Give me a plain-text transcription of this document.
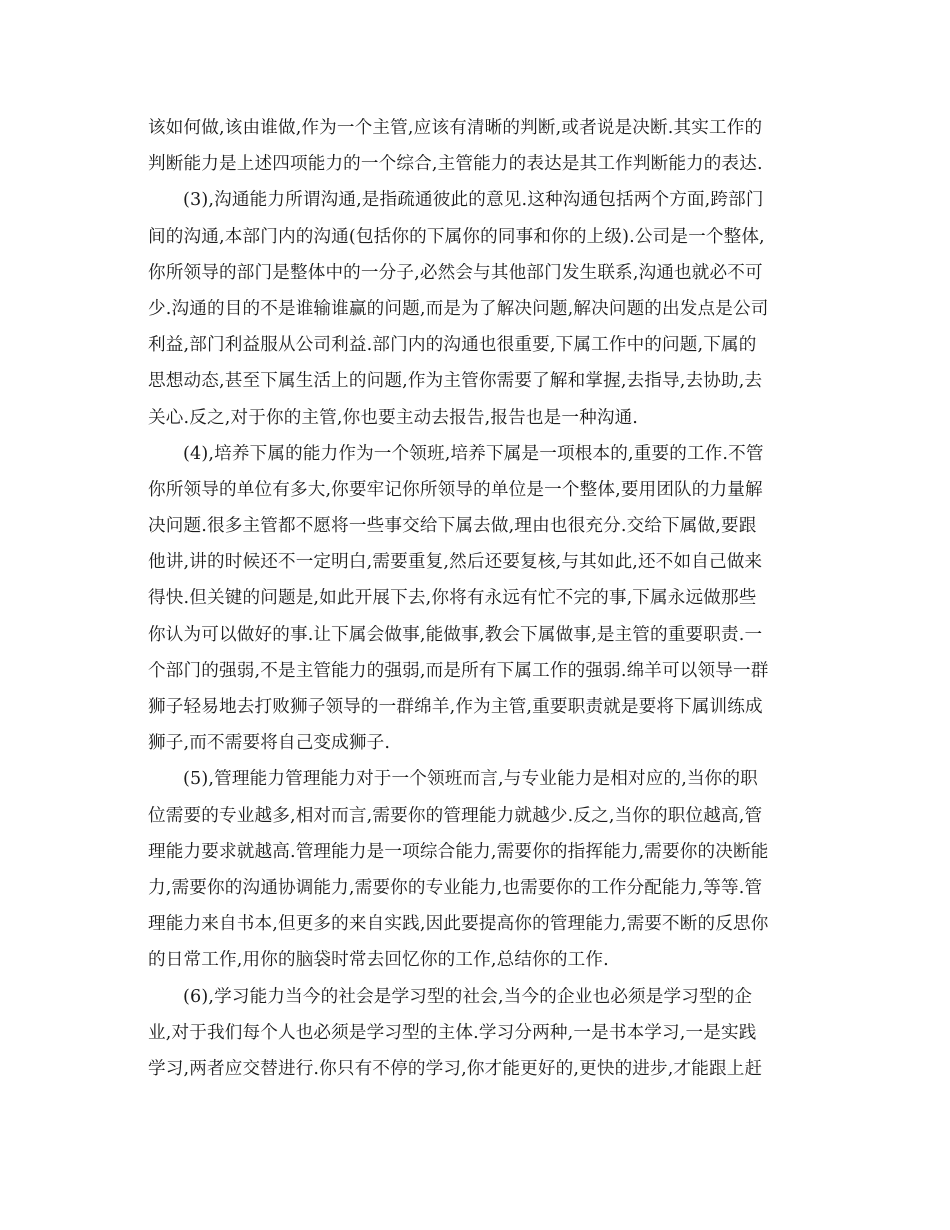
该如何做,该由谁做,作为一个主管,应该有清晰的判断,或者说是决断.其实工作的
判断能力是上述四项能力的一个综合,主管能力的表达是其工作判断能力的表达.
(3),沟通能力所谓沟通,是指疏通彼此的意见.这种沟通包括两个方面,跨部门
间的沟通,本部门内的沟通(包括你的下属你的同事和你的上级).公司是一个整体,
你所领导的部门是整体中的一分子,必然会与其他部门发生联系,沟通也就必不可
少.沟通的目的不是谁输谁赢的问题,而是为了解决问题,解决问题的出发点是公司
利益,部门利益服从公司利益.部门内的沟通也很重要,下属工作中的问题,下属的
思想动态,甚至下属生活上的问题,作为主管你需要了解和掌握,去指导,去协助,去
关心.反之,对于你的主管,你也要主动去报告,报告也是一种沟通.
(4),培养下属的能力作为一个领班,培养下属是一项根本的,重要的工作.不管
你所领导的单位有多大,你要牢记你所领导的单位是一个整体,要用团队的力量解
决问题.很多主管都不愿将一些事交给下属去做,理由也很充分.交给下属做,要跟
他讲,讲的时候还不一定明白,需要重复,然后还要复核,与其如此,还不如自己做来
得快.但关键的问题是,如此开展下去,你将有永远有忙不完的事,下属永远做那些
你认为可以做好的事.让下属会做事,能做事,教会下属做事,是主管的重要职责.一
个部门的强弱,不是主管能力的强弱,而是所有下属工作的强弱.绵羊可以领导一群
狮子轻易地去打败狮子领导的一群绵羊,作为主管,重要职责就是要将下属训练成
狮子,而不需要将自己变成狮子.
(5),管理能力管理能力对于一个领班而言,与专业能力是相对应的,当你的职
位需要的专业越多,相对而言,需要你的管理能力就越少.反之,当你的职位越高,管
理能力要求就越高.管理能力是一项综合能力,需要你的指挥能力,需要你的决断能
力,需要你的沟通协调能力,需要你的专业能力,也需要你的工作分配能力,等等.管
理能力来自书本,但更多的来自实践,因此要提高你的管理能力,需要不断的反思你
的日常工作,用你的脑袋时常去回忆你的工作,总结你的工作.
(6),学习能力当今的社会是学习型的社会,当今的企业也必须是学习型的企
业,对于我们每个人也必须是学习型的主体.学习分两种,一是书本学习,一是实践
学习,两者应交替进行.你只有不停的学习,你才能更好的,更快的进步,才能跟上赶
